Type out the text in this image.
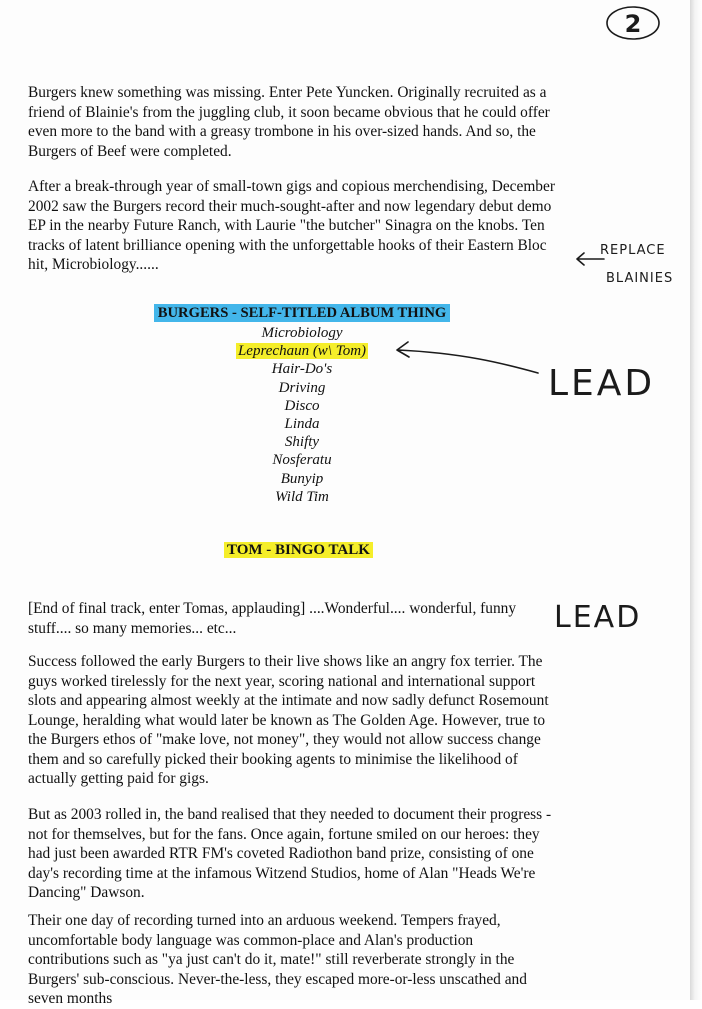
2

Burgers knew something was missing. Enter Pete Yuncken. Originally recruited as a friend of Blainie's from the juggling club, it soon became obvious that he could offer even more to the band with a greasy trombone in his over-sized hands. And so, the Burgers of Beef were completed.

After a break-through year of small-town gigs and copious merchendising, December 2002 saw the Burgers record their much-sought-after and now legendary debut demo EP in the nearby Future Ranch, with Laurie "the butcher" Sinagra on the knobs. Ten tracks of latent brilliance opening with the unforgettable hooks of their Eastern Bloc hit, Microbiology......

BURGERS - SELF-TITLED ALBUM THING
Microbiology
Leprechaun (w\ Tom)
Hair-Do's
Driving
Disco
Linda
Shifty
Nosferatu
Bunyip
Wild Tim
TOM - BINGO TALK

[End of final track, enter Tomas, applauding] ....Wonderful.... wonderful, funny stuff.... so many memories... etc...

Success followed the early Burgers to their live shows like an angry fox terrier. The guys worked tirelessly for the next year, scoring national and international support slots and appearing almost weekly at the intimate and now sadly defunct Rosemount Lounge, heralding what would later be known as The Golden Age. However, true to the Burgers ethos of "make love, not money", they would not allow success change them and so carefully picked their booking agents to minimise the likelihood of actually getting paid for gigs.

But as 2003 rolled in, the band realised that they needed to document their progress - not for themselves, but for the fans. Once again, fortune smiled on our heroes: they had just been awarded RTR FM's coveted Radiothon band prize, consisting of one day's recording time at the infamous Witzend Studios, home of Alan "Heads We're Dancing" Dawson.

Their one day of recording turned into an arduous weekend. Tempers frayed, uncomfortable body language was common-place and Alan's production contributions such as "ya just can't do it, mate!" still reverberate strongly in the Burgers' sub-conscious. Never-the-less, they escaped more-or-less unscathed and seven months

REPLACE
BLAINIES
LEAD
LEAD
